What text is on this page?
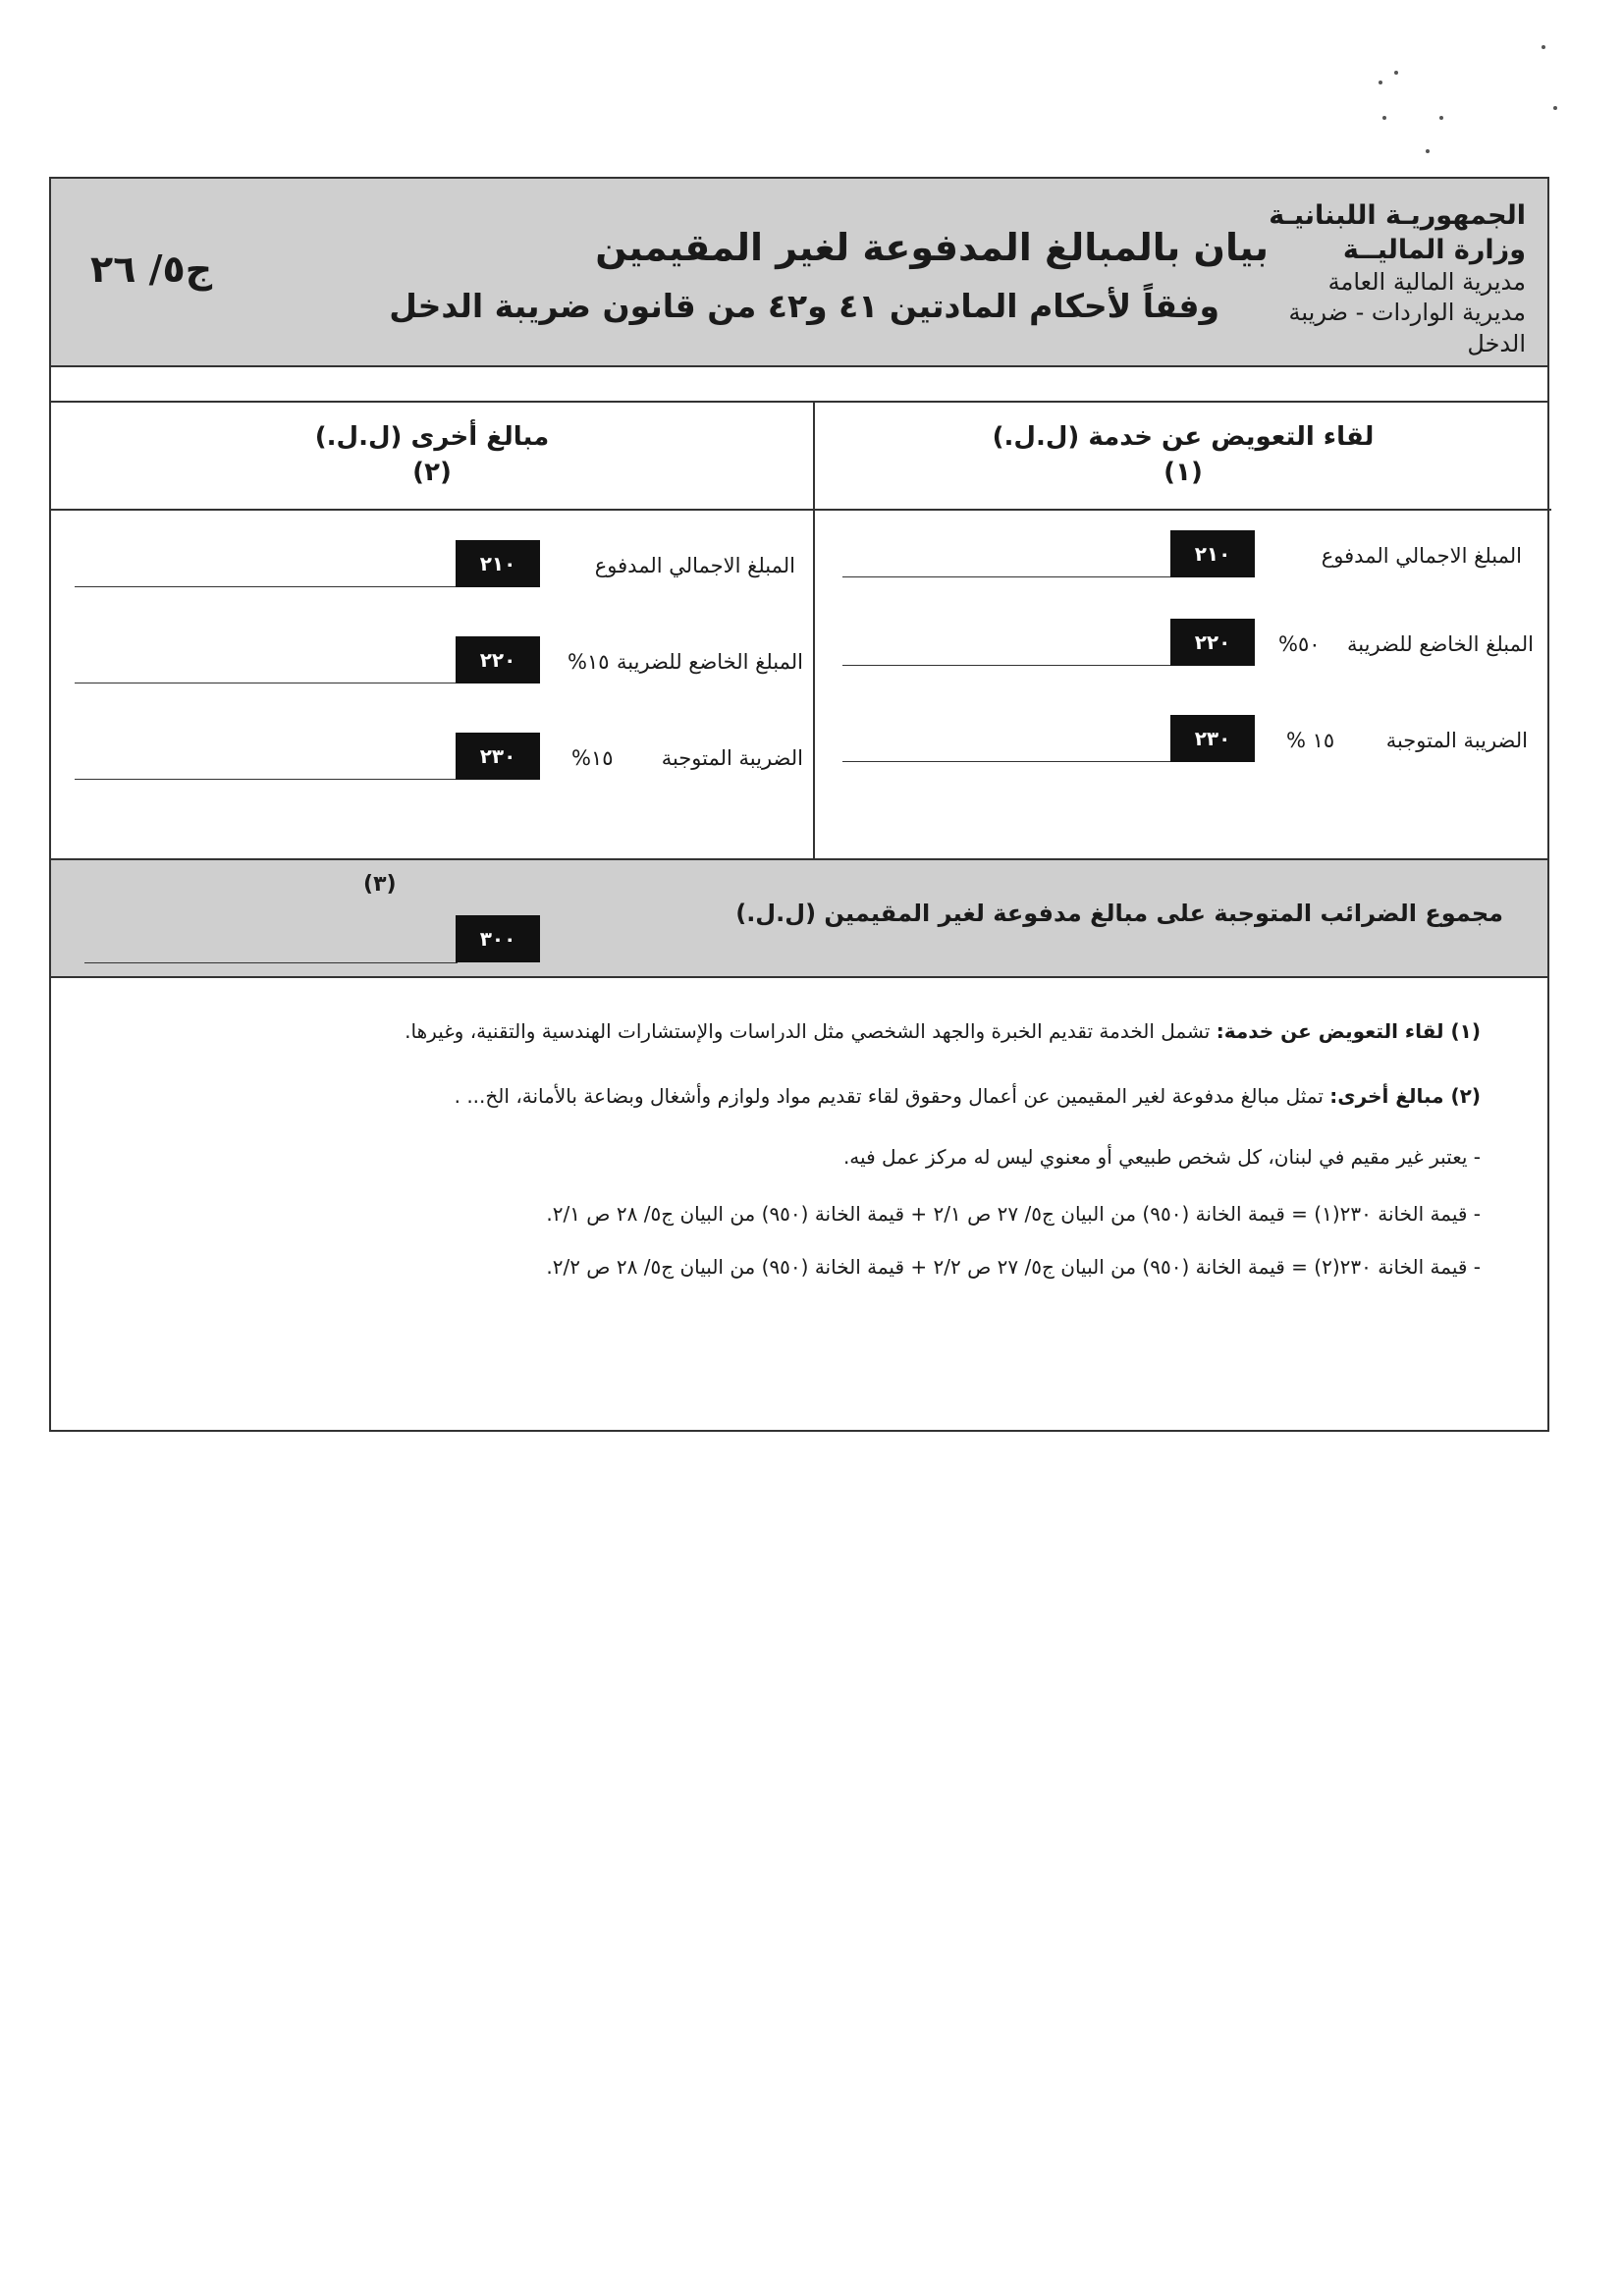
الجمهوريـة اللبنانيـة
وزارة الماليــة
مديرية المالية العامة
مديرية الواردات - ضريبة الدخل
بيان بالمبالغ المدفوعة لغير المقيمين
وفقاً لأحكام المادتين ٤١ و٤٢ من قانون ضريبة الدخل
ج٥/ ٢٦
لقاء التعويض عن خدمة (ل.ل.)
(١)
مبالغ أخرى (ل.ل.)
(٢)
٢١٠	المبلغ الاجمالي المدفوع
٢٢٠	١٥% المبلغ الخاضع للضريبة
٢٣٠	١٥% الضريبة المتوجبة
٢١٠	المبلغ الاجمالي المدفوع
٢٢٠	٥٠% المبلغ الخاضع للضريبة
٢٣٠	١٥ %	الضريبة المتوجبة
مجموع الضرائب المتوجبة على مبالغ مدفوعة لغير المقيمين (ل.ل.)
(٣)
٣٠٠
(١) لقاء التعويض عن خدمة: تشمل الخدمة تقديم الخبرة والجهد الشخصي مثل الدراسات والإستشارات الهندسية والتقنية، وغيرها.
(٢) مبالغ أخرى: تمثل مبالغ مدفوعة لغير المقيمين عن أعمال وحقوق لقاء تقديم مواد ولوازم وأشغال وبضاعة بالأمانة، الخ... .
- يعتبر غير مقيم في لبنان، كل شخص طبيعي أو معنوي ليس له مركز عمل فيه.
- قيمة الخانة ٢٣٠(١) = قيمة الخانة (٩٥٠) من البيان ج٥/ ٢٧ ص ٢/١ + قيمة الخانة (٩٥٠) من البيان ج٥/ ٢٨ ص ٢/١.
- قيمة الخانة ٢٣٠(٢) = قيمة الخانة (٩٥٠) من البيان ج٥/ ٢٧ ص ٢/٢ + قيمة الخانة (٩٥٠) من البيان ج٥/ ٢٨ ص ٢/٢.
